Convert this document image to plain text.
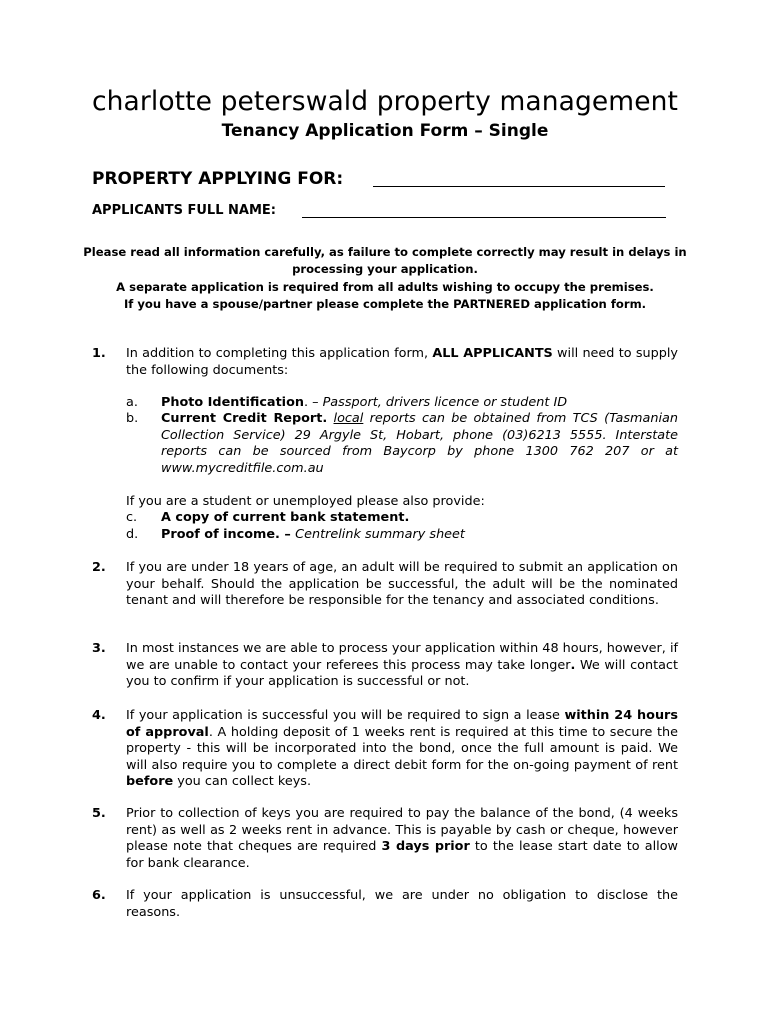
charlotte peterswald property management
Tenancy Application Form – Single
PROPERTY APPLYING FOR:
APPLICANTS FULL NAME:
Please read all information carefully, as failure to complete correctly may result in delays in processing your application.
A separate application is required from all adults wishing to occupy the premises.
If you have a spouse/partner please complete the PARTNERED application form.
1. In addition to completing this application form, ALL APPLICANTS will need to supply the following documents:
a. Photo Identification. – Passport, drivers licence or student ID
b. Current Credit Report. local reports can be obtained from TCS (Tasmanian Collection Service) 29 Argyle St, Hobart, phone (03)6213 5555. Interstate reports can be sourced from Baycorp by phone 1300 762 207 or at www.mycreditfile.com.au
If you are a student or unemployed please also provide:
c. A copy of current bank statement.
d. Proof of income. – Centrelink summary sheet
2. If you are under 18 years of age, an adult will be required to submit an application on your behalf. Should the application be successful, the adult will be the nominated tenant and will therefore be responsible for the tenancy and associated conditions.
3. In most instances we are able to process your application within 48 hours, however, if we are unable to contact your referees this process may take longer. We will contact you to confirm if your application is successful or not.
4. If your application is successful you will be required to sign a lease within 24 hours of approval. A holding deposit of 1 weeks rent is required at this time to secure the property - this will be incorporated into the bond, once the full amount is paid. We will also require you to complete a direct debit form for the on-going payment of rent before you can collect keys.
5. Prior to collection of keys you are required to pay the balance of the bond, (4 weeks rent) as well as 2 weeks rent in advance. This is payable by cash or cheque, however please note that cheques are required 3 days prior to the lease start date to allow for bank clearance.
6. If your application is unsuccessful, we are under no obligation to disclose the reasons.
